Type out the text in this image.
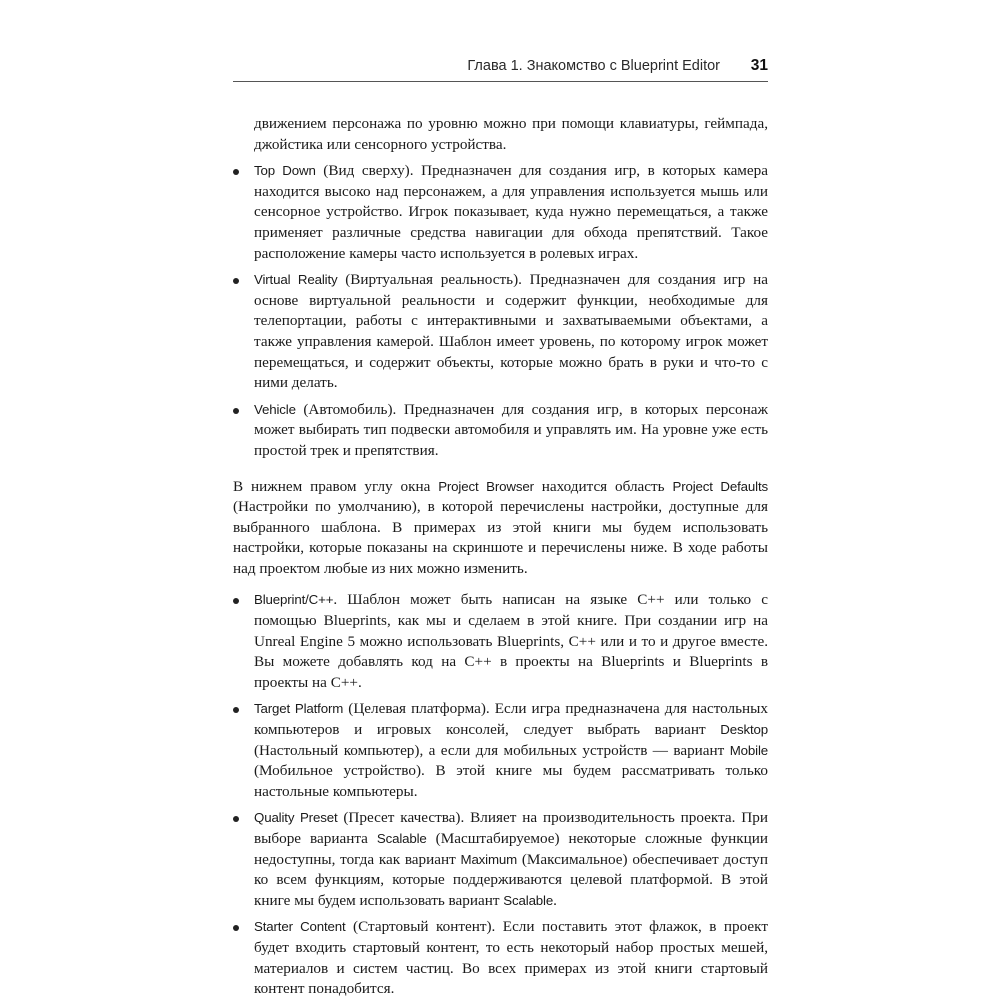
Глава 1. Знакомство с Blueprint Editor 31

движением персонажа по уровню можно при помощи клавиатуры, геймпада, джойстика или сенсорного устройства.

Top Down (Вид сверху). Предназначен для создания игр, в которых камера находится высоко над персонажем, а для управления используется мышь или сенсорное устройство. Игрок показывает, куда нужно перемещаться, а также применяет различные средства навигации для обхода препятствий. Такое расположение камеры часто используется в ролевых играх.

Virtual Reality (Виртуальная реальность). Предназначен для создания игр на основе виртуальной реальности и содержит функции, необходимые для телепортации, работы с интерактивными и захватываемыми объектами, а также управления камерой. Шаблон имеет уровень, по которому игрок может перемещаться, и содержит объекты, которые можно брать в руки и что-то с ними делать.

Vehicle (Автомобиль). Предназначен для создания игр, в которых персонаж может выбирать тип подвески автомобиля и управлять им. На уровне уже есть простой трек и препятствия.

В нижнем правом углу окна Project Browser находится область Project Defaults (Настройки по умолчанию), в которой перечислены настройки, доступные для выбранного шаблона. В примерах из этой книги мы будем использовать настройки, которые показаны на скриншоте и перечислены ниже. В ходе работы над проектом любые из них можно изменить.

Blueprint/C++. Шаблон может быть написан на языке C++ или только с помощью Blueprints, как мы и сделаем в этой книге. При создании игр на Unreal Engine 5 можно использовать Blueprints, C++ или и то и другое вместе. Вы можете добавлять код на C++ в проекты на Blueprints и Blueprints в проекты на C++.

Target Platform (Целевая платформа). Если игра предназначена для настольных компьютеров и игровых консолей, следует выбрать вариант Desktop (Настольный компьютер), а если для мобильных устройств — вариант Mobile (Мобильное устройство). В этой книге мы будем рассматривать только настольные компьютеры.

Quality Preset (Пресет качества). Влияет на производительность проекта. При выборе варианта Scalable (Масштабируемое) некоторые сложные функции недоступны, тогда как вариант Maximum (Максимальное) обеспечивает доступ ко всем функциям, которые поддерживаются целевой платформой. В этой книге мы будем использовать вариант Scalable.

Starter Content (Стартовый контент). Если поставить этот флажок, в проект будет входить стартовый контент, то есть некоторый набор простых мешей, материалов и систем частиц. Во всех примерах из этой книги стартовый контент понадобится.
